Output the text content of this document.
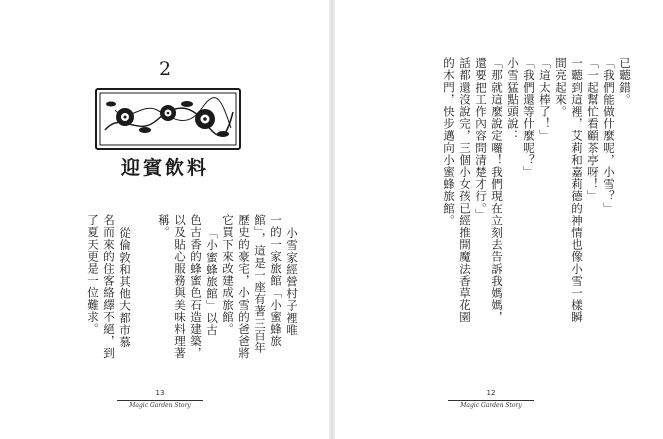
2
迎賓飲料
小雪家經營村子裡唯
一的一家旅館「小蜜蜂旅
館」，這是一座有著三百年
歷史的豪宅，小雪的爸爸將
它買下來改建成旅館。
「小蜜蜂旅館」以古
色古香的蜂蜜色石造建築，
以及貼心服務與美味料理著
稱。
從倫敦和其他大都市慕
名而來的住客絡繹不絕，到
了夏天更是一位難求。
13
Magic Garden Story
已聽錯。
「我們能做什麼呢，小雪？」
「一起幫忙看顧茶亭呀！」
一聽到這裡，艾莉和嘉莉德的神情也像小雪一樣瞬
間亮起來。
「這太棒了！」
「我們還等什麼呢？」
小雪猛點頭說：
「那就這麼說定囉！我們現在立刻去告訴我媽媽，
還要把工作內容問清楚才行。」
話都還沒說完，三個小女孩已經推開魔法香草花園
的木門，快步邁向小蜜蜂旅館。
12
Magic Garden Story
